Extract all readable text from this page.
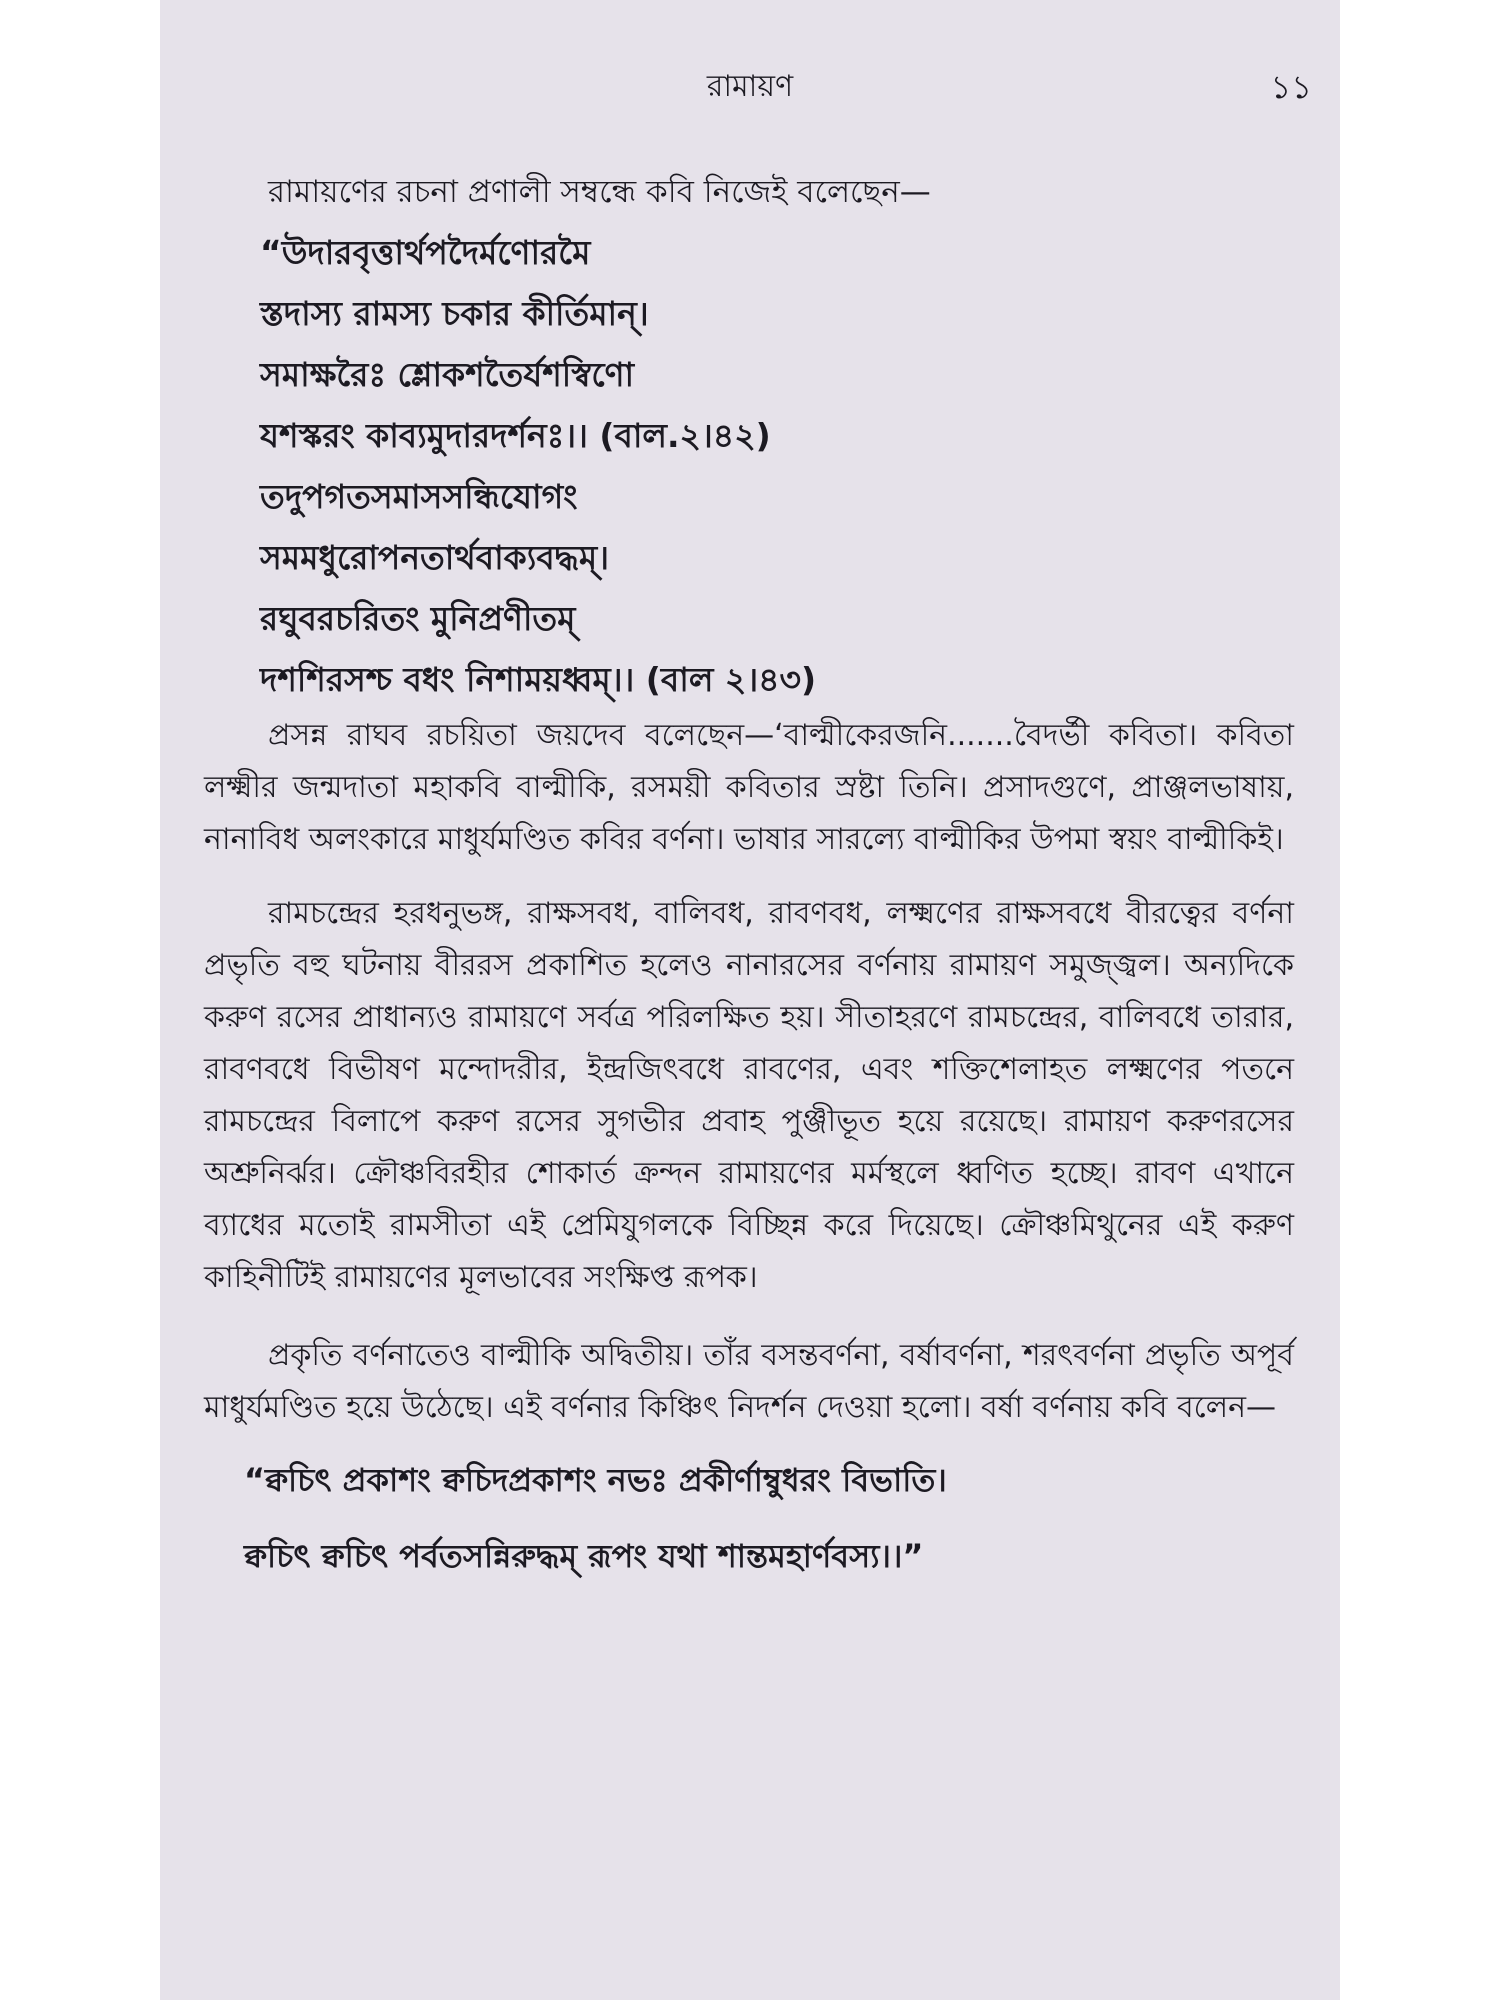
রামায়ণ	১১
রামায়ণের রচনা প্রণালী সম্বন্ধে কবি নিজেই বলেছেন—
“উদারবৃত্তার্থপদৈর্মণোরমৈ
স্তদাস্য রামস্য চকার কীর্তিমান্।
সমাক্ষরৈঃ শ্লোকশতৈর্যশস্বিণো
যশস্করং কাব্যমুদারদর্শনঃ।। (বাল.২।৪২)
তদুপগতসমাসসন্ধিযোগং
সমমধুরোপনতার্থবাক্যবদ্ধম্।
রঘুবরচরিতং মুনিপ্রণীতম্
দশশিরসশ্চ বধং নিশাময়ধ্বম্।। (বাল ২।৪৩)

প্রসন্ন রাঘব রচয়িতা জয়দেব বলেছেন—‘বাল্মীকেরজনি.......বৈদর্ভী কবিতা। কবিতা লক্ষ্মীর জন্মদাতা মহাকবি বাল্মীকি, রসময়ী কবিতার স্রষ্টা তিনি। প্রসাদগুণে, প্রাঞ্জলভাষায়, নানাবিধ অলংকারে মাধুর্যমণ্ডিত কবির বর্ণনা। ভাষার সারল্যে বাল্মীকির উপমা স্বয়ং বাল্মীকিই।

রামচন্দ্রের হরধনুভঙ্গ, রাক্ষসবধ, বালিবধ, রাবণবধ, লক্ষ্মণের রাক্ষসবধে বীরত্বের বর্ণনা প্রভৃতি বহু ঘটনায় বীররস প্রকাশিত হলেও নানারসের বর্ণনায় রামায়ণ সমুজ্জ্বল। অন্যদিকে করুণ রসের প্রাধান্যও রামায়ণে সর্বত্র পরিলক্ষিত হয়। সীতাহরণে রামচন্দ্রের, বালিবধে তারার, রাবণবধে বিভীষণ মন্দোদরীর, ইন্দ্রজিৎবধে রাবণের, এবং শক্তিশেলাহত লক্ষ্মণের পতনে রামচন্দ্রের বিলাপে করুণ রসের সুগভীর প্রবাহ পুঞ্জীভূত হয়ে রয়েছে। রামায়ণ করুণরসের অশ্রুনির্ঝর। ক্রৌঞ্চবিরহীর শোকার্ত ক্রন্দন রামায়ণের মর্মস্থলে ধ্বণিত হচ্ছে। রাবণ এখানে ব্যাধের মতোই রামসীতা এই প্রেমিযুগলকে বিচ্ছিন্ন করে দিয়েছে। ক্রৌঞ্চমিথুনের এই করুণ কাহিনীটিই রামায়ণের মূলভাবের সংক্ষিপ্ত রূপক।

প্রকৃতি বর্ণনাতেও বাল্মীকি অদ্বিতীয়। তাঁর বসন্তবর্ণনা, বর্ষাবর্ণনা, শরৎবর্ণনা প্রভৃতি অপূর্ব মাধুর্যমণ্ডিত হয়ে উঠেছে। এই বর্ণনার কিঞ্চিৎ নিদর্শন দেওয়া হলো। বর্ষা বর্ণনায় কবি বলেন—

“ক্বচিৎ প্রকাশং ক্বচিদপ্রকাশং নভঃ প্রকীর্ণাম্বুধরং বিভাতি।
ক্বচিৎ ক্বচিৎ পর্বতসন্নিরুদ্ধম্ রূপং যথা শান্তমহার্ণবস্য।।”
